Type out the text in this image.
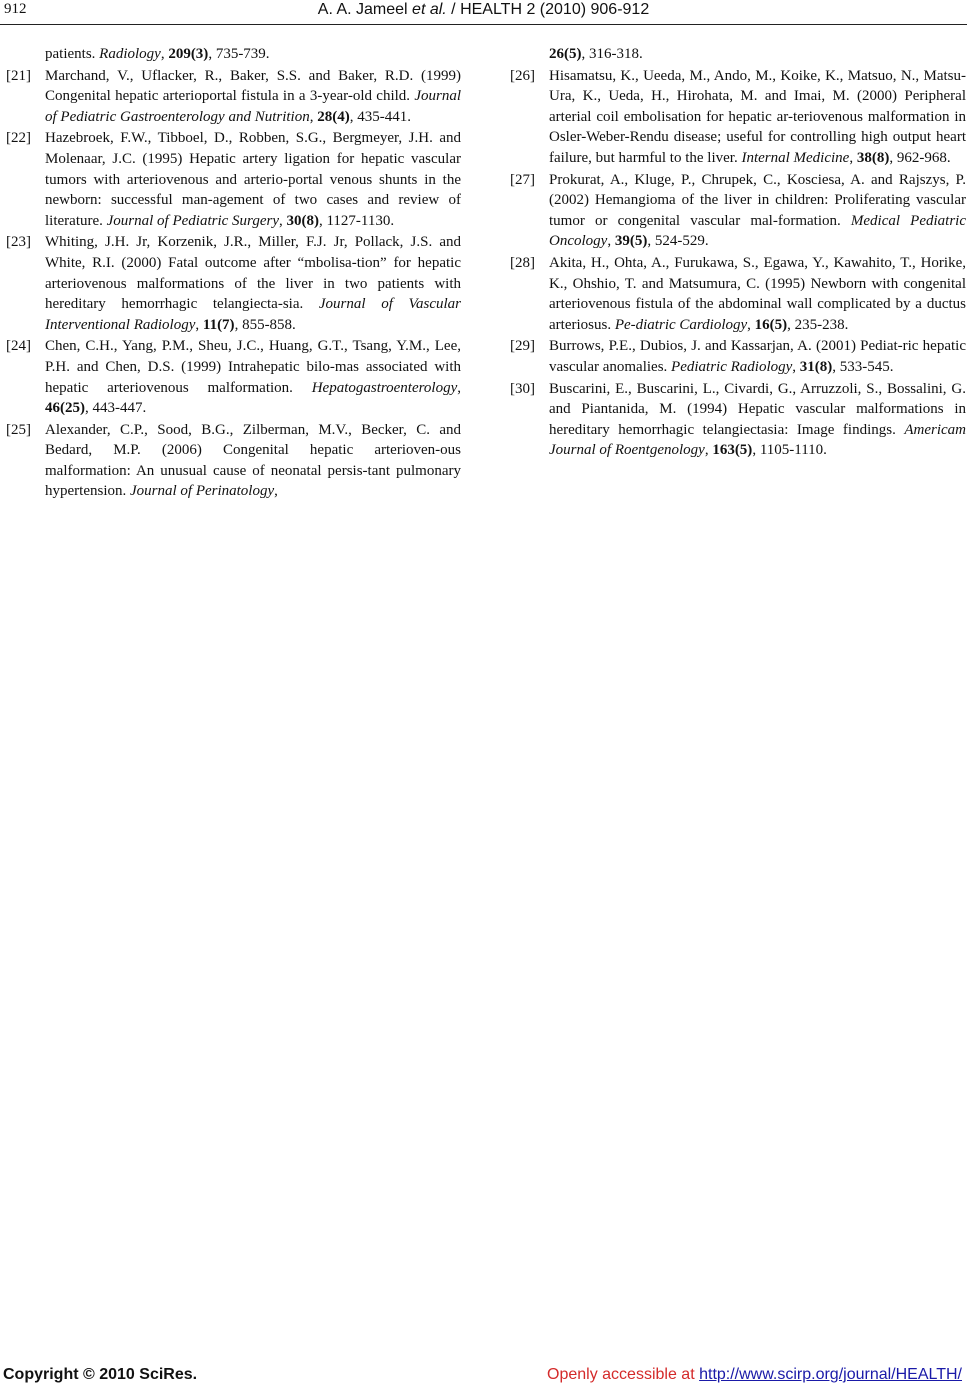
912	A. A. Jameel et al. / HEALTH 2 (2010) 906-912
patients. Radiology, 209(3), 735-739.
[21] Marchand, V., Uflacker, R., Baker, S.S. and Baker, R.D. (1999) Congenital hepatic arterioportal fistula in a 3-year-old child. Journal of Pediatric Gastroenterology and Nutrition, 28(4), 435-441.
[22] Hazebroek, F.W., Tibboel, D., Robben, S.G., Bergmeyer, J.H. and Molenaar, J.C. (1995) Hepatic artery ligation for hepatic vascular tumors with arteriovenous and arterio-portal venous shunts in the newborn: successful man-agement of two cases and review of literature. Journal of Pediatric Surgery, 30(8), 1127-1130.
[23] Whiting, J.H. Jr, Korzenik, J.R., Miller, F.J. Jr, Pollack, J.S. and White, R.I. (2000) Fatal outcome after “mbolisa-tion” for hepatic arteriovenous malformations of the liver in two patients with hereditary hemorrhagic telangiecta-sia. Journal of Vascular Interventional Radiology, 11(7), 855-858.
[24] Chen, C.H., Yang, P.M., Sheu, J.C., Huang, G.T., Tsang, Y.M., Lee, P.H. and Chen, D.S. (1999) Intrahepatic bilo-mas associated with hepatic arteriovenous malformation. Hepatogastroenterology, 46(25), 443-447.
[25] Alexander, C.P., Sood, B.G., Zilberman, M.V., Becker, C. and Bedard, M.P. (2006) Congenital hepatic arterioven-ous malformation: An unusual cause of neonatal persis-tant pulmonary hypertension. Journal of Perinatology,
26(5), 316-318.
[26] Hisamatsu, K., Ueeda, M., Ando, M., Koike, K., Matsuo, N., Matsu-Ura, K., Ueda, H., Hirohata, M. and Imai, M. (2000) Peripheral arterial coil embolisation for hepatic ar-teriovenous malformation in Osler-Weber-Rendu disease; useful for controlling high output heart failure, but harmful to the liver. Internal Medicine, 38(8), 962-968.
[27] Prokurat, A., Kluge, P., Chrupek, C., Kosciesa, A. and Rajszys, P. (2002) Hemangioma of the liver in children: Proliferating vascular tumor or congenital vascular mal-formation. Medical Pediatric Oncology, 39(5), 524-529.
[28] Akita, H., Ohta, A., Furukawa, S., Egawa, Y., Kawahito, T., Horike, K., Ohshio, T. and Matsumura, C. (1995) Newborn with congenital arteriovenous fistula of the abdominal wall complicated by a ductus arteriosus. Pe-diatric Cardiology, 16(5), 235-238.
[29] Burrows, P.E., Dubios, J. and Kassarjan, A. (2001) Pediat-ric hepatic vascular anomalies. Pediatric Radiology, 31(8), 533-545.
[30] Buscarini, E., Buscarini, L., Civardi, G., Arruzzoli, S., Bossalini, G. and Piantanida, M. (1994) Hepatic vascular malformations in hereditary hemorrhagic telangiectasia: Image findings. Americam Journal of Roentgenology, 163(5), 1105-1110.
Copyright © 2010 SciRes.	Openly accessible at http://www.scirp.org/journal/HEALTH/
